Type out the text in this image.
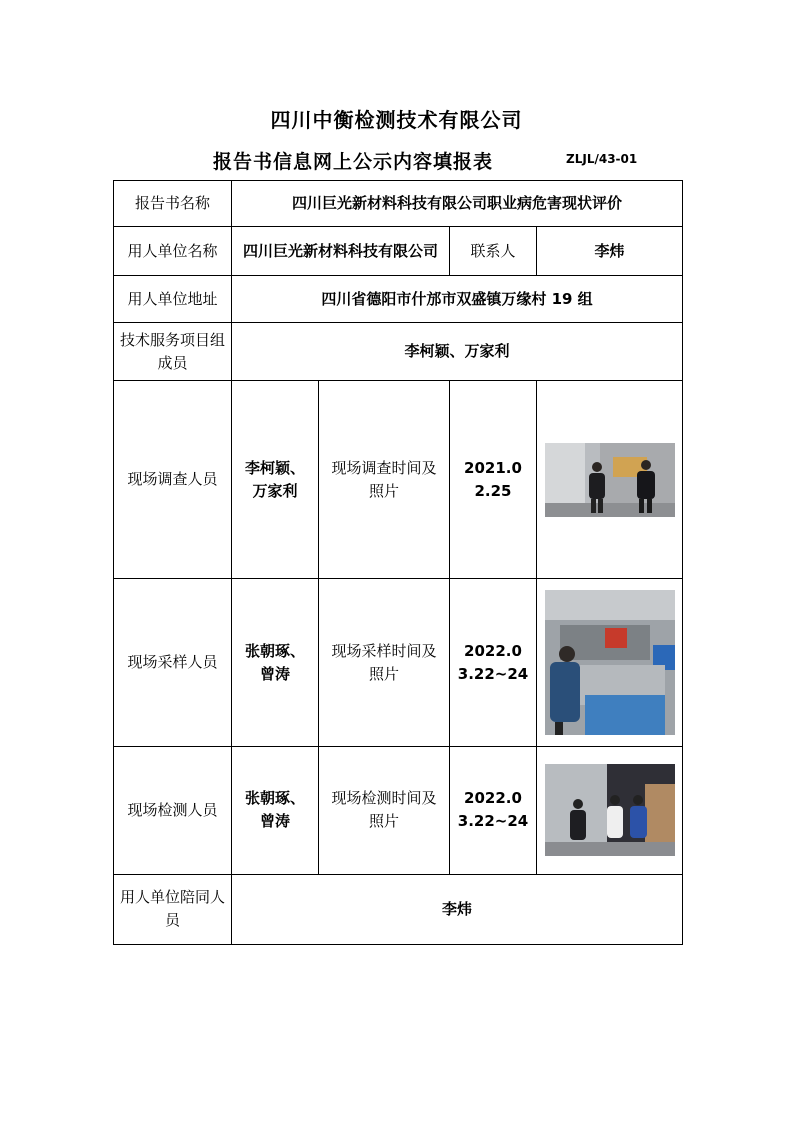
四川中衡检测技术有限公司
报告书信息网上公示内容填报表	ZLJL/43-01
报告书名称	四川巨光新材料科技有限公司职业病危害现状评价			
用人单位名称	四川巨光新材料科技有限公司		联系人	李炜
用人单位地址	四川省德阳市什邡市双盛镇万缘村 19 组			
技术服务项目组成员	李柯颖、万家利			
现场调查人员	李柯颖、万家利	现场调查时间及照片	2021.02.25	

现场采样人员	张朝琢、曾涛	现场采样时间及照片	2022.03.22~24	

现场检测人员	张朝琢、曾涛	现场检测时间及照片	2022.03.22~24	

用人单位陪同人员	李炜			
